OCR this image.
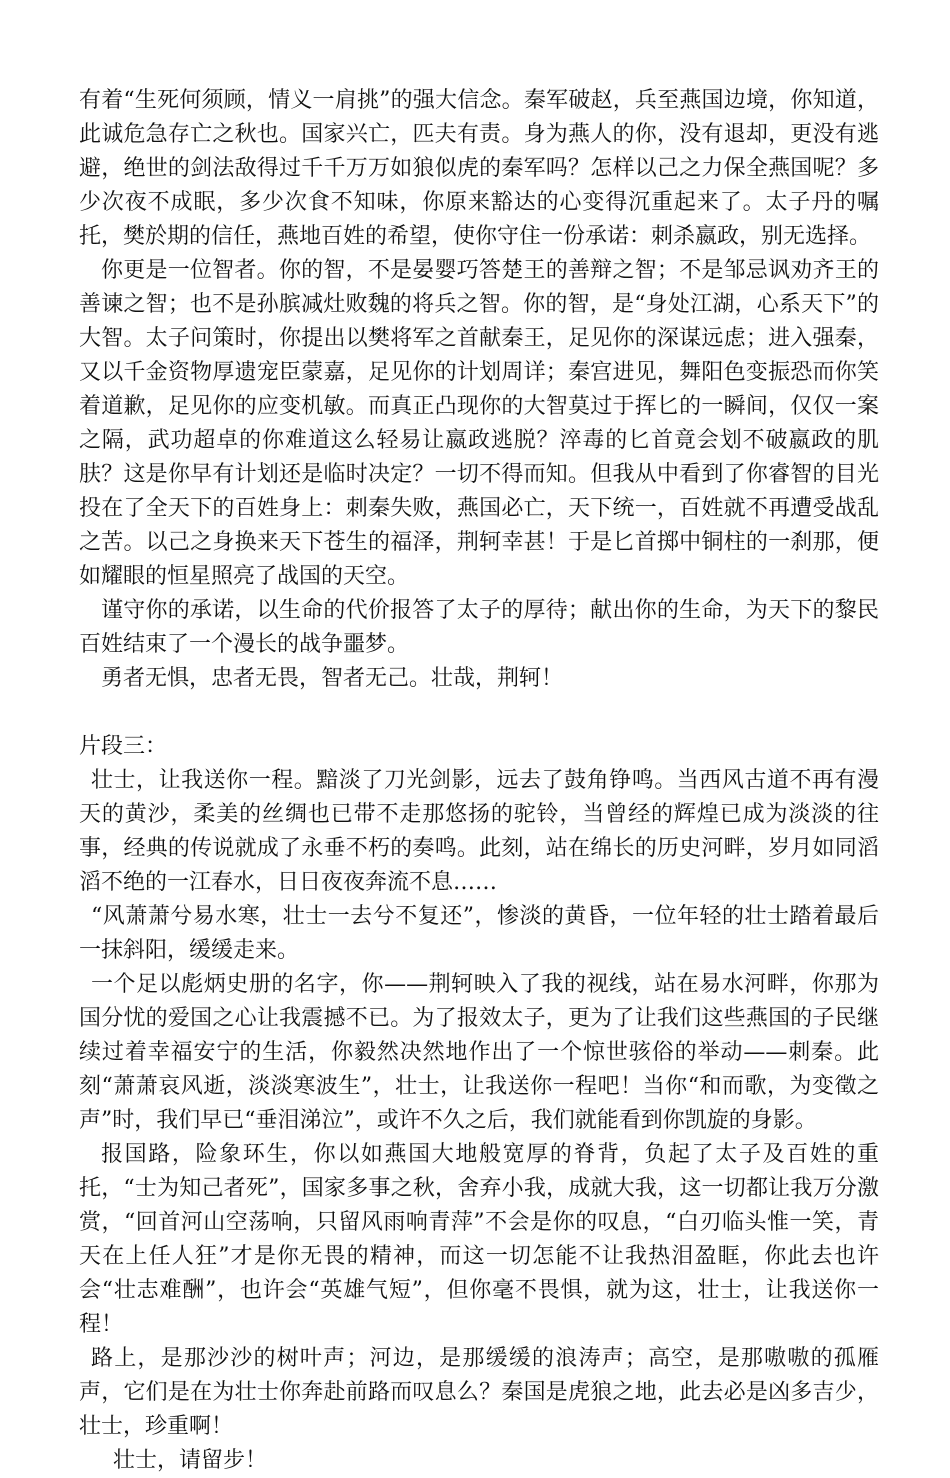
有着“生死何须顾，情义一肩挑”的强大信念。秦军破赵，兵至燕国边境，你知道，此诚危急存亡之秋也。国家兴亡，匹夫有责。身为燕人的你，没有退却，更没有逃避，绝世的剑法敌得过千千万万如狼似虎的秦军吗？怎样以己之力保全燕国呢？多少次夜不成眠，多少次食不知味，你原来豁达的心变得沉重起来了。太子丹的嘱托，樊於期的信任，燕地百姓的希望，使你守住一份承诺：刺杀嬴政，别无选择。

你更是一位智者。你的智，不是晏婴巧答楚王的善辩之智；不是邹忌讽劝齐王的善谏之智；也不是孙膑减灶败魏的将兵之智。你的智，是“身处江湖，心系天下”的大智。太子问策时，你提出以樊将军之首献秦王，足见你的深谋远虑；进入强秦，又以千金资物厚遗宠臣蒙嘉，足见你的计划周详；秦宫进见，舞阳色变振恐而你笑着道歉，足见你的应变机敏。而真正凸现你的大智莫过于挥匕的一瞬间，仅仅一案之隔，武功超卓的你难道这么轻易让嬴政逃脱？淬毒的匕首竟会划不破嬴政的肌肤？这是你早有计划还是临时决定？一切不得而知。但我从中看到了你睿智的目光投在了全天下的百姓身上：刺秦失败，燕国必亡，天下统一，百姓就不再遭受战乱之苦。以己之身换来天下苍生的福泽，荆轲幸甚！于是匕首掷中铜柱的一刹那，便如耀眼的恒星照亮了战国的天空。

谨守你的承诺，以生命的代价报答了太子的厚待；献出你的生命，为天下的黎民百姓结束了一个漫长的战争噩梦。

勇者无惧，忠者无畏，智者无己。壮哉，荆轲！

片段三：

壮士，让我送你一程。黯淡了刀光剑影，远去了鼓角铮鸣。当西风古道不再有漫天的黄沙，柔美的丝绸也已带不走那悠扬的驼铃，当曾经的辉煌已成为淡淡的往事，经典的传说就成了永垂不朽的奏鸣。此刻，站在绵长的历史河畔，岁月如同滔滔不绝的一江春水，日日夜夜奔流不息……

“风萧萧兮易水寒，壮士一去兮不复还”，惨淡的黄昏，一位年轻的壮士踏着最后一抹斜阳，缓缓走来。

一个足以彪炳史册的名字，你——荆轲映入了我的视线，站在易水河畔，你那为国分忧的爱国之心让我震撼不已。为了报效太子，更为了让我们这些燕国的子民继续过着幸福安宁的生活，你毅然决然地作出了一个惊世骇俗的举动——刺秦。此刻“萧萧哀风逝，淡淡寒波生”，壮士，让我送你一程吧！当你“和而歌，为变徵之声”时，我们早已“垂泪涕泣”，或许不久之后，我们就能看到你凯旋的身影。

报国路，险象环生，你以如燕国大地般宽厚的脊背，负起了太子及百姓的重托，“士为知己者死”，国家多事之秋，舍弃小我，成就大我，这一切都让我万分激赏，“回首河山空荡响，只留风雨响青萍”不会是你的叹息，“白刃临头惟一笑，青天在上任人狂”才是你无畏的精神，而这一切怎能不让我热泪盈眶，你此去也许会“壮志难酬”，也许会“英雄气短”，但你毫不畏惧，就为这，壮士，让我送你一程！

路上，是那沙沙的树叶声；河边，是那缓缓的浪涛声；高空，是那嗷嗷的孤雁声，它们是在为壮士你奔赴前路而叹息么？秦国是虎狼之地，此去必是凶多吉少，壮士，珍重啊！

壮士，请留步！
